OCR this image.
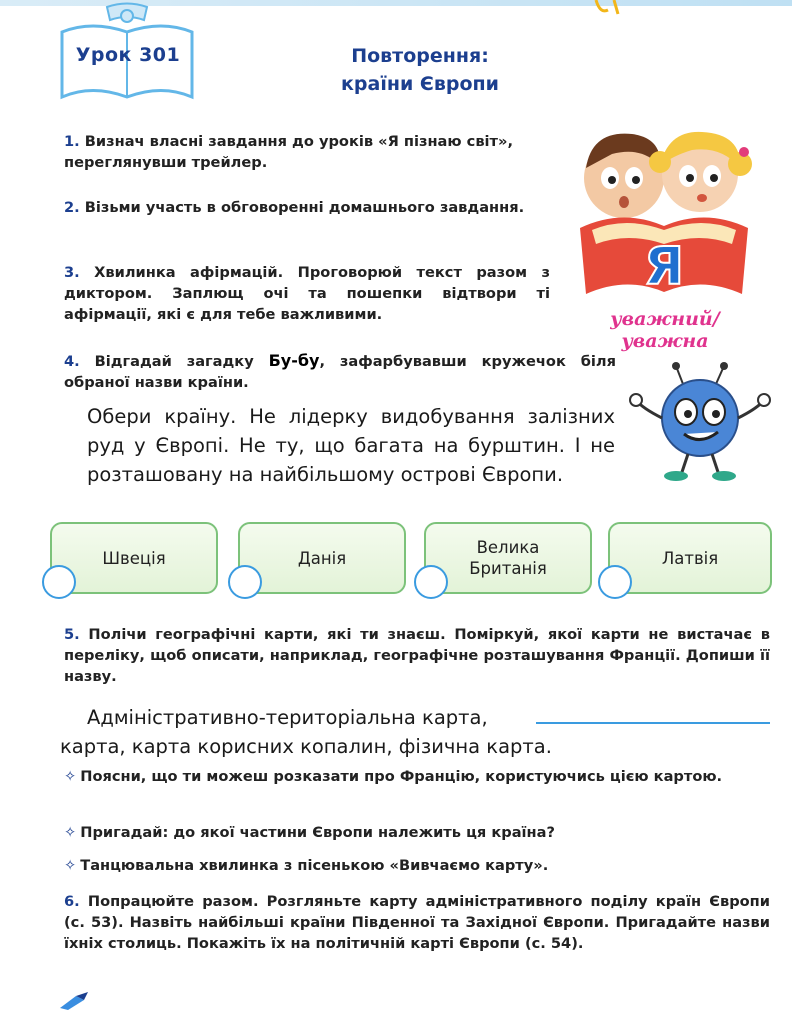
Урок 301	Повторення:
країни Європи
1. Визнач власні завдання до уроків «Я пізнаю світ», переглянувши трейлер.
2. Візьми участь в обговоренні домашнього завдання.
3. Хвилинка афірмацій. Проговорюй текст разом з диктором. Заплющ очі та пошепки відтвори ті афірмації, які є для тебе важливими.
Я
уважний/уважна
4. Відгадай загадку Бу-бу, зафарбувавши кружечок біля обраної назви країни.
Обери країну. Не лідерку видобування залізних руд у Європі. Не ту, що багата на бурштин. І не розташовану на найбільшому острові Європи.
Швеція	Данія
Велика
Британія
Латвія
5. Полічи географічні карти, які ти знаєш. Поміркуй, якої карти не вистачає в переліку, щоб описати, наприклад, географічне розташування Франції. Допиши її назву.
Адміністративно-територіальна карта,
карта, карта корисних копалин, фізична карта.
✧ Поясни, що ти можеш розказати про Францію, користуючись цією картою.
✧ Пригадай: до якої частини Європи належить ця країна?
✧ Танцювальна хвилинка з пісенькою «Вивчаємо карту».
6. Попрацюйте разом. Розгляньте карту адміністративного поділу країн Європи (с. 53). Назвіть найбільші країни Південної та Західної Європи. Пригадайте назви їхніх столиць. Покажіть їх на політичній карті Європи (с. 54).
